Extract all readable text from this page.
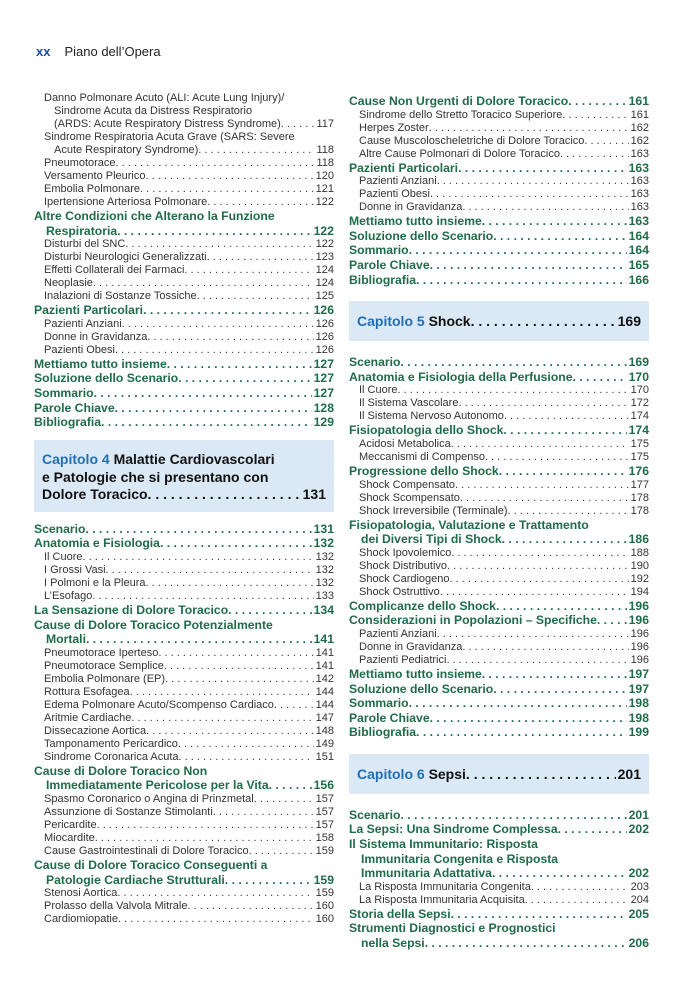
xx Piano dell’Opera
Danno Polmonare Acuto (ALI: Acute Lung Injury)/
Sindrome Acuta da Distress Respiratorio
(ARDS: Acute Respiratory Distress Syndrome) . . .	117
Sindrome Respiratoria Acuta Grave (SARS: Severe
Acute Respiratory Syndrome) . . .	118
Pneumotorace . . .	118
Versamento Pleurico . . .	120
Embolia Polmonare . . .	121
Ipertensione Arteriosa Polmonare . . .	122
Altre Condizioni che Alterano la Funzione
Respiratoria . . .	122
Disturbi del SNC . . .	122
Disturbi Neurologici Generalizzati . . .	123
Effetti Collaterali dei Farmaci . . .	124
Neoplasie . . .	124
Inalazioni di Sostanze Tossiche . . .	125
Pazienti Particolari . . .	126
Pazienti Anziani . . .	126
Donne in Gravidanza . . .	126
Pazienti Obesi . . .	126
Mettiamo tutto insieme . . .	127
Soluzione dello Scenario . . .	127
Sommario . . .	127
Parole Chiave . . .	128
Bibliografia . . .	129
Capitolo 4 Malattie Cardiovascolari
e Patologie che si presentano con
Dolore Toracico . . .	131
Scenario . . .	131
Anatomia e Fisiologia . . .	132
Il Cuore . . .	132
I Grossi Vasi . . .	132
I Polmoni e la Pleura . . .	132
L’Esofago . . .	133
La Sensazione di Dolore Toracico . . .	134
Cause di Dolore Toracico Potenzialmente
Mortali . . .	141
Pneumotorace Iperteso . . .	141
Pneumotorace Semplice . . .	141
Embolia Polmonare (EP) . . .	142
Rottura Esofagea . . .	144
Edema Polmonare Acuto/Scompenso Cardiaco . . .	144
Aritmie Cardiache . . .	147
Dissecazione Aortica . . .	148
Tamponamento Pericardico . . .	149
Sindrome Coronarica Acuta . . .	151
Cause di Dolore Toracico Non
Immediatamente Pericolose per la Vita . . .	156
Spasmo Coronarico o Angina di Prinzmetal . . .	157
Assunzione di Sostanze Stimolanti . . .	157
Pericardite . . .	157
Miocardite . . .	158
Cause Gastrointestinali di Dolore Toracico . . .	159
Cause di Dolore Toracico Conseguenti a
Patologie Cardiache Strutturali . . .	159
Stenosi Aortica . . .	159
Prolasso della Valvola Mitrale . . .	160
Cardiomiopatie . . .	160
Cause Non Urgenti di Dolore Toracico . . .	161
Sindrome dello Stretto Toracico Superiore . . .	161
Herpes Zoster . . .	162
Cause Muscoloscheletriche di Dolore Toracico . . .	162
Altre Cause Polmonari di Dolore Toracico . . .	163
Pazienti Particolari . . .	163
Pazienti Anziani . . .	163
Pazienti Obesi . . .	163
Donne in Gravidanza . . .	163
Mettiamo tutto insieme . . .	163
Soluzione dello Scenario . . .	164
Sommario . . .	164
Parole Chiave . . .	165
Bibliografia . . .	166
Capitolo 5 Shock . . .	169
Scenario . . .	169
Anatomia e Fisiologia della Perfusione . . .	170
Il Cuore . . .	170
Il Sistema Vascolare . . .	172
Il Sistema Nervoso Autonomo . . .	174
Fisiopatologia dello Shock . . .	174
Acidosi Metabolica . . .	175
Meccanismi di Compenso . . .	175
Progressione dello Shock . . .	176
Shock Compensato . . .	177
Shock Scompensato . . .	178
Shock Irreversibile (Terminale) . . .	178
Fisiopatologia, Valutazione e Trattamento
dei Diversi Tipi di Shock . . .	186
Shock Ipovolemico . . .	188
Shock Distributivo . . .	190
Shock Cardiogeno . . .	192
Shock Ostruttivo . . .	194
Complicanze dello Shock . . .	196
Considerazioni in Popolazioni – Specifiche . . .	196
Pazienti Anziani . . .	196
Donne in Gravidanza . . .	196
Pazienti Pediatrici . . .	196
Mettiamo tutto insieme . . .	197
Soluzione dello Scenario . . .	197
Sommario . . .	198
Parole Chiave . . .	198
Bibliografia . . .	199
Capitolo 6 Sepsi . . .	201
Scenario . . .	201
La Sepsi: Una Sindrome Complessa . . .	202
Il Sistema Immunitario: Risposta
Immunitaria Congenita e Risposta
Immunitaria Adattativa . . .	202
La Risposta Immunitaria Congenita . . .	203
La Risposta Immunitaria Acquisita . . .	204
Storia della Sepsi . . .	205
Strumenti Diagnostici e Prognostici
nella Sepsi . . .	206
